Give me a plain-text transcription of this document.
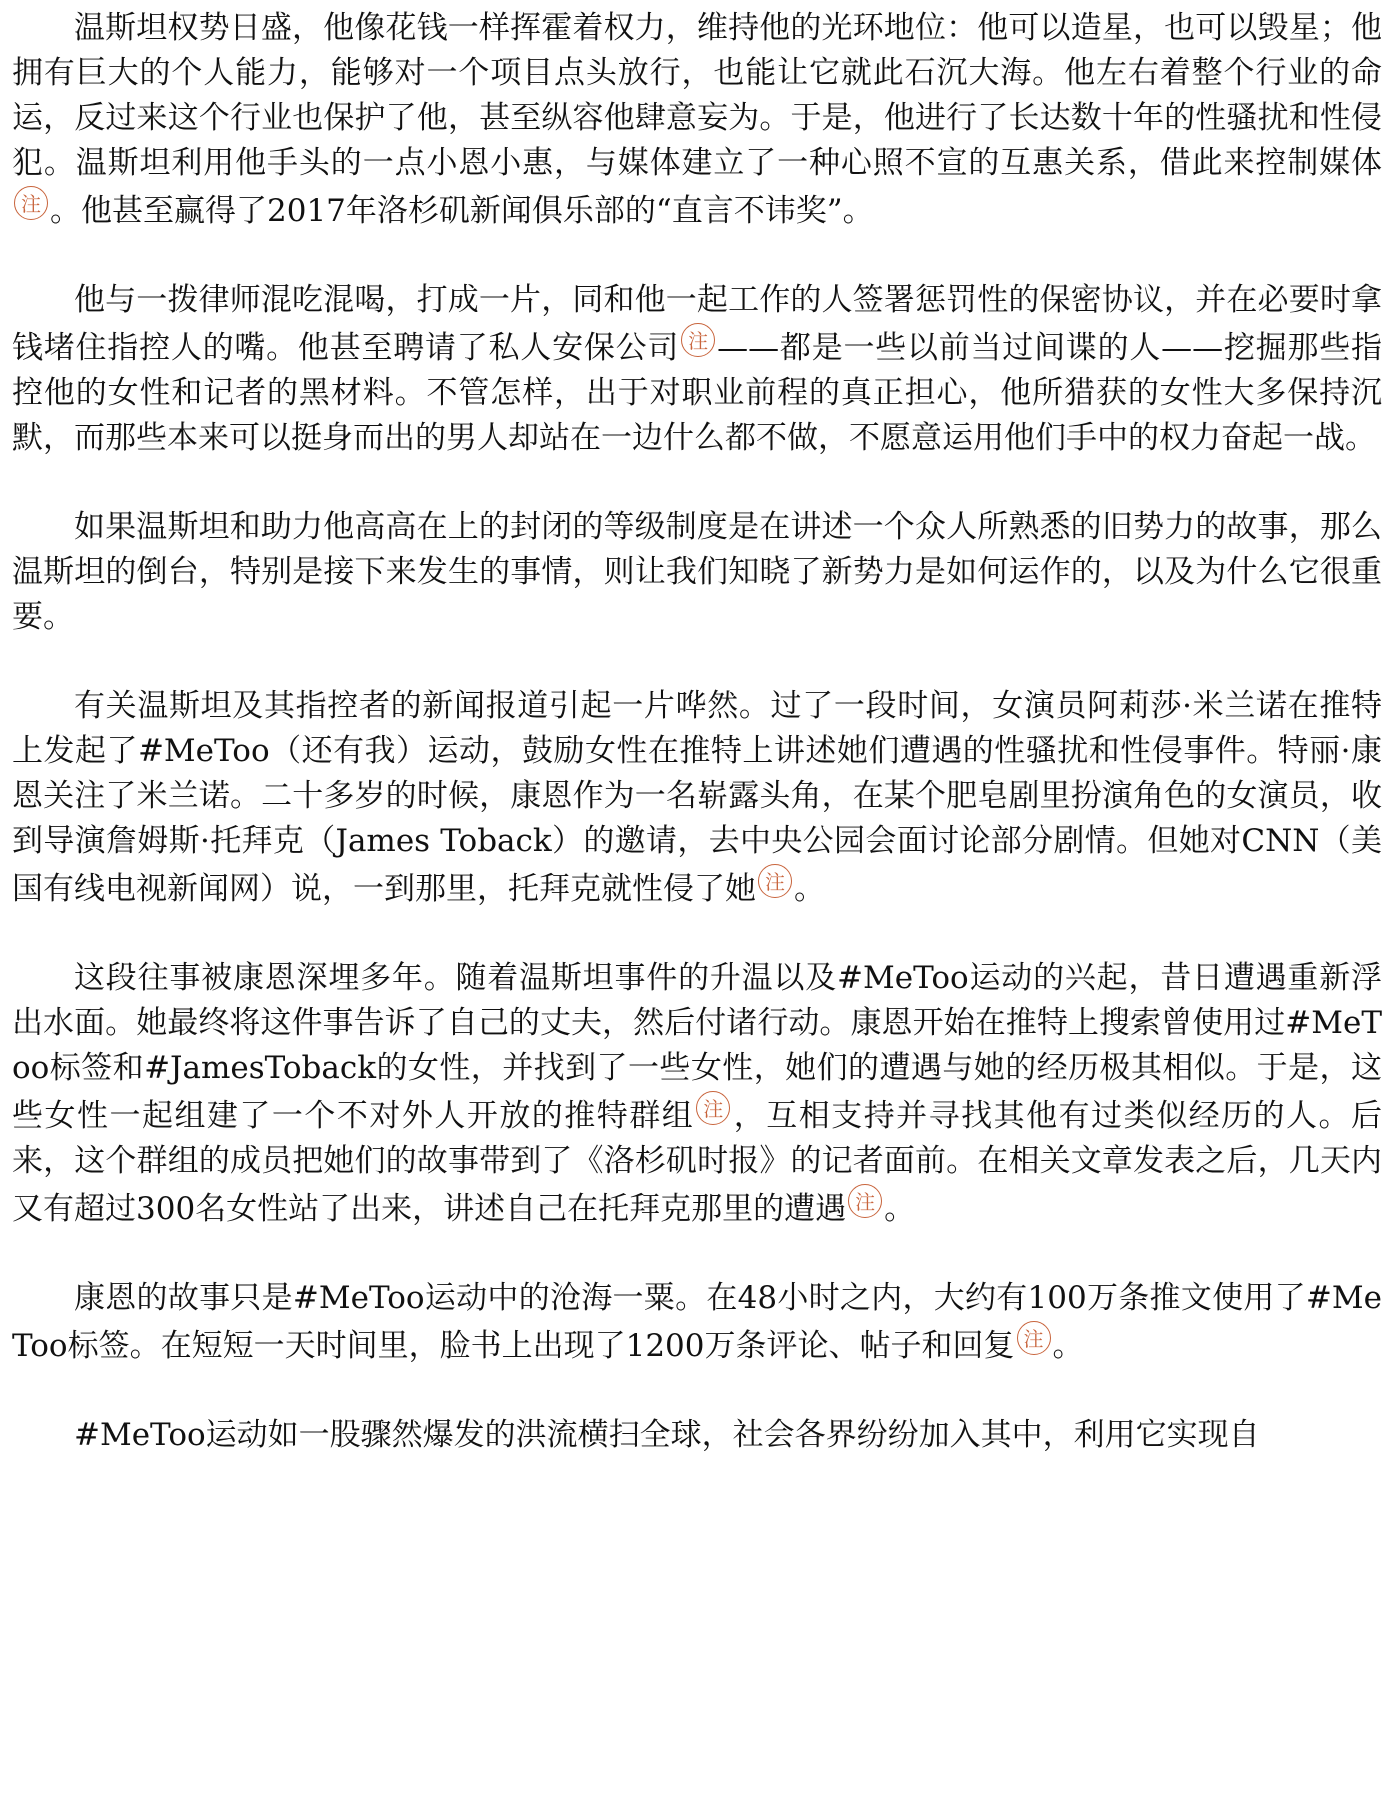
温斯坦权势日盛，他像花钱一样挥霍着权力，维持他的光环地位：他可以造星，也可以毁星；他拥有巨大的个人能力，能够对一个项目点头放行，也能让它就此石沉大海。他左右着整个行业的命运，反过来这个行业也保护了他，甚至纵容他肆意妄为。于是，他进行了长达数十年的性骚扰和性侵犯。温斯坦利用他手头的一点小恩小惠，与媒体建立了一种心照不宣的互惠关系，借此来控制媒体注 。他甚至赢得了2017年洛杉矶新闻俱乐部的“直言不讳奖”。

他与一拨律师混吃混喝，打成一片，同和他一起工作的人签署惩罚性的保密协议，并在必要时拿钱堵住指控人的嘴。他甚至聘请了私人安保公司 注 ——都是一些以前当过间谍的人——挖掘那些指控他的女性和记者的黑材料。不管怎样，出于对职业前程的真正担心，他所猎获的女性大多保持沉默，而那些本来可以挺身而出的男人却站在一边什么都不做，不愿意运用他们手中的权力奋起一战。

如果温斯坦和助力他高高在上的封闭的等级制度是在讲述一个众人所熟悉的旧势力的故事，那么温斯坦的倒台，特别是接下来发生的事情，则让我们知晓了新势力是如何运作的，以及为什么它很重要。

有关温斯坦及其指控者的新闻报道引起一片哗然。过了一段时间，女演员阿莉莎·米兰诺在推特上发起了#MeToo（还有我）运动，鼓励女性在推特上讲述她们遭遇的性骚扰和性侵事件。特丽·康恩关注了米兰诺。二十多岁的时候，康恩作为一名崭露头角，在某个肥皂剧里扮演角色的女演员，收到导演詹姆斯·托拜克（James Toback）的邀请，去中央公园会面讨论部分剧情。但她对CNN（美国有线电视新闻网）说，一到那里，托拜克就性侵了她 注 。

这段往事被康恩深埋多年。随着温斯坦事件的升温以及#MeToo运动的兴起，昔日遭遇重新浮出水面。她最终将这件事告诉了自己的丈夫，然后付诸行动。康恩开始在推特上搜索曾使用过#MeToo标签和#JamesToback的女性，并找到了一些女性，她们的遭遇与她的经历极其相似。于是，这些女性一起组建了一个不对外人开放的推特群组 注 ，互相支持并寻找其他有过类似经历的人。后来，这个群组的成员把她们的故事带到了《洛杉矶时报》的记者面前。在相关文章发表之后，几天内又有超过300名女性站了出来，讲述自己在托拜克那里的遭遇 注 。

康恩的故事只是#MeToo运动中的沧海一粟。在48小时之内，大约有100万条推文使用了#MeToo标签。在短短一天时间里，脸书上出现了1200万条评论、帖子和回复 注 。

#MeToo运动如一股骤然爆发的洪流横扫全球，社会各界纷纷加入其中，利用它实现自
